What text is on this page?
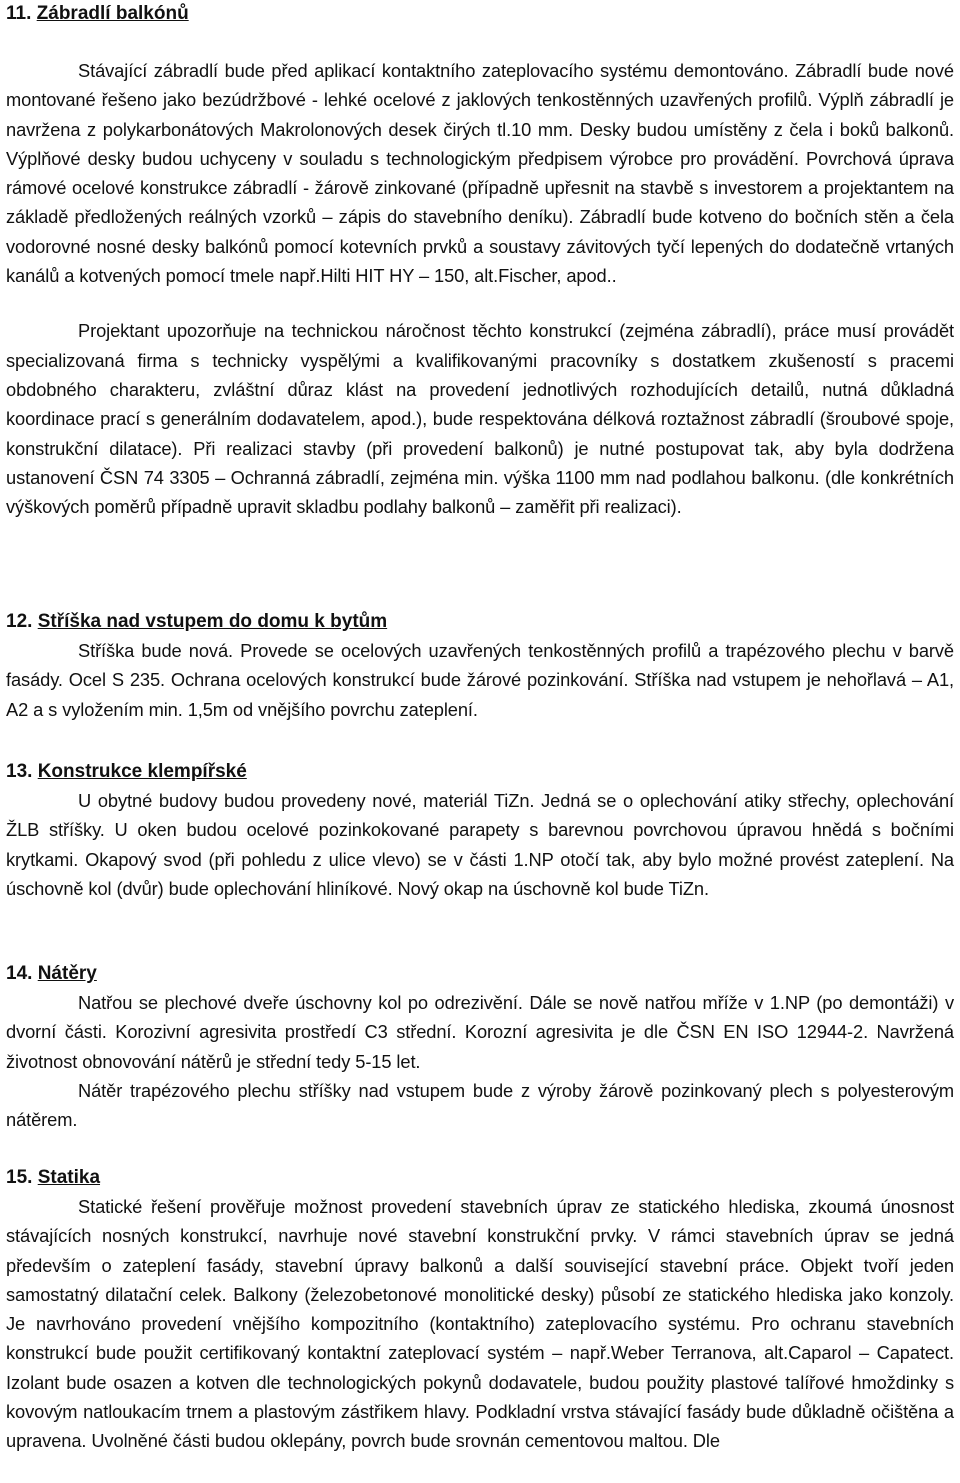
11. Zábradlí balkónů

Stávající zábradlí bude před aplikací kontaktního zateplovacího systému demontováno. Zábradlí bude nové montované řešeno jako bezúdržbové - lehké ocelové z jaklových tenkostěnných uzavřených profilů. Výplň zábradlí je navržena z polykarbonátových Makrolonových desek čirých tl.10 mm. Desky budou umístěny z čela i boků balkonů. Výplňové desky budou uchyceny v souladu s technologickým předpisem výrobce pro provádění. Povrchová úprava rámové ocelové konstrukce zábradlí - žárově zinkované (případně upřesnit na stavbě s investorem a projektantem na základě předložených reálných vzorků – zápis do stavebního deníku). Zábradlí bude kotveno do bočních stěn a čela vodorovné nosné desky balkónů pomocí kotevních prvků a soustavy závitových tyčí lepených do dodatečně vrtaných kanálů a kotvených pomocí tmele např.Hilti HIT HY – 150, alt.Fischer, apod..

Projektant upozorňuje na technickou náročnost těchto konstrukcí (zejména zábradlí), práce musí provádět specializovaná firma s technicky vyspělými a kvalifikovanými pracovníky s dostatkem zkušeností s pracemi obdobného charakteru, zvláštní důraz klást na provedení jednotlivých rozhodujících detailů, nutná důkladná koordinace prací s generálním dodavatelem, apod.), bude respektována délková roztažnost zábradlí (šroubové spoje, konstrukční dilatace). Při realizaci stavby (při provedení balkonů) je nutné postupovat tak, aby byla dodržena ustanovení ČSN 74 3305 – Ochranná zábradlí, zejména min. výška 1100 mm nad podlahou balkonu. (dle konkrétních výškových poměrů případně upravit skladbu podlahy balkonů – zaměřit při realizaci).

12. Stříška nad vstupem do domu k bytům

Stříška bude nová. Provede se ocelových uzavřených tenkostěnných profilů a trapézového plechu v barvě fasády. Ocel S 235. Ochrana ocelových konstrukcí bude žárové pozinkování. Stříška nad vstupem je nehořlavá – A1, A2 a s vyložením min. 1,5m od vnějšího povrchu zateplení.

13. Konstrukce klempířské

U obytné budovy budou provedeny nové, materiál TiZn. Jedná se o oplechování atiky střechy, oplechování ŽLB stříšky. U oken budou ocelové pozinkokované parapety s barevnou povrchovou úpravou hnědá s bočními krytkami. Okapový svod (při pohledu z ulice vlevo) se v části 1.NP otočí tak, aby bylo možné provést zateplení. Na úschovně kol (dvůr) bude oplechování hliníkové. Nový okap na úschovně kol bude TiZn.

14. Nátěry

Natřou se plechové dveře úschovny kol po odrezivění. Dále se nově natřou mříže v 1.NP (po demontáži) v dvorní části. Korozivní agresivita prostředí C3 střední. Korozní agresivita je dle ČSN EN ISO 12944-2. Navržená životnost obnovování nátěrů je střední tedy 5-15 let.

Nátěr trapézového plechu stříšky nad vstupem bude z výroby žárově pozinkovaný plech s polyesterovým nátěrem.

15. Statika

Statické řešení prověřuje možnost provedení stavebních úprav ze statického hlediska, zkoumá únosnost stávajících nosných konstrukcí, navrhuje nové stavební konstrukční prvky. V rámci stavebních úprav se jedná především o zateplení fasády, stavební úpravy balkonů a další související stavební práce. Objekt tvoří jeden samostatný dilatační celek. Balkony (železobetonové monolitické desky) působí ze statického hlediska jako konzoly. Je navrhováno provedení vnějšího kompozitního (kontaktního) zateplovacího systému. Pro ochranu stavebních konstrukcí bude použit certifikovaný kontaktní zateplovací systém – např.Weber Terranova, alt.Caparol – Capatect. Izolant bude osazen a kotven dle technologických pokynů dodavatele, budou použity plastové talířové hmoždinky s kovovým natloukacím trnem a plastovým zástřikem hlavy. Podkladní vrstva stávající fasády bude důkladně očištěna a upravena. Uvolněné části budou oklepány, povrch bude srovnán cementovou maltou. Dle
